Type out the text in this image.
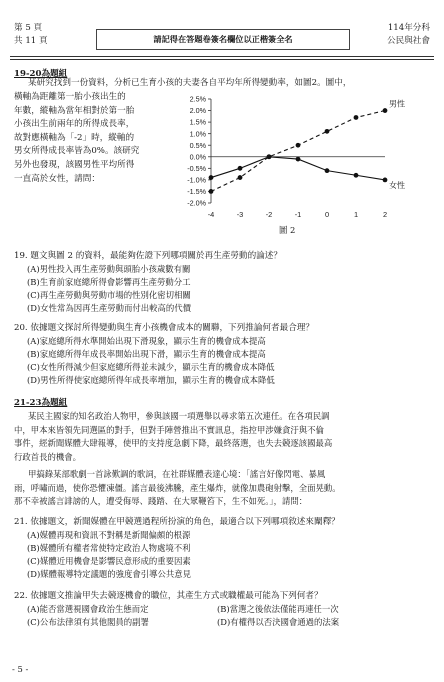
第 5 頁
共 11 頁	請記得在答題卷簽名欄位以正楷簽全名
114年分科
公民與社會
19-20為題組
某研究找到一份資料，分析已生育小孩的夫妻各自平均年所得變動率，如圖2。圖中，
橫軸為距離第一胎小孩出生的
年數，縱軸為當年相對於第一胎
小孩出生前兩年的所得成長率，
故對應橫軸為「-2」時，縱軸的
男女所得成長率皆為0%。該研究
另外也發現，該國男性平均所得
一直高於女性，請問：
2.5%
2.0%
1.5%
1.0%
0.5%
0.0%
-0.5%
-1.0%
-1.5%
-2.0%
-4	-3	-2	-1	0	1	2
男性
女性
圖 2
19. 題文與圖 2 的資料，最能夠佐證下列哪項關於再生產勞動的論述？
(A)男性投入再生產勞動與頭胎小孩歲數有關
(B)生育前家庭總所得會影響再生產勞動分工
(C)再生產勞動與勞動市場的性別化密切相關
(D)女性常為因再生產勞動而付出較高的代價
20. 依據題文探討所得變動與生育小孩機會成本的關聯，下列推論何者最合理？
(A)家庭總所得水準開始出現下滑現象，顯示生育的機會成本提高
(B)家庭總所得年成長率開始出現下滑，顯示生育的機會成本提高
(C)女性所得減少但家庭總所得並未減少，顯示生育的機會成本降低
(D)男性所得使家庭總所得年成長率增加，顯示生育的機會成本降低
21-23為題組
某民主國家的知名政治人物甲，參與該國一項選舉以尋求第五次連任。在各項民調
中，甲本來皆領先同選區的對手，但對手陣營推出不實訊息，指控甲涉嫌貪汙與不倫
事件，經新聞媒體大肆報導，使甲的支持度急劇下降，最終落選，也失去競逐該國最高
行政首長的機會。
甲搞錄某部歌劇一首詠歎調的歌詞，在社群媒體表達心境：「謠言好像閃電、暴風
雨，呼嘯而過，使你恐懼凍僵。謠言最後沸騰，產生爆炸，就像加農砲射擊，全面晃動。
那不幸被謠言誹謗的人，遭受侮辱、踐踏、在大眾鞭笞下，生不如死。」，請問：
21. 依據題文，新聞媒體在甲競選過程所扮演的角色，最適合以下列哪項敘述來闡釋？
(A)媒體再現和資訊不對稱是新聞偏頗的根源
(B)媒體所有權者常使特定政治人物處境不利
(C)媒體近用機會是影響民意形成的重要因素
(D)媒體報導特定議題的強度會引導公共意見
22. 依據題文推論甲失去競逐機會的職位，其產生方式或職權最可能為下列何者？
(A)能否當選視國會政治生態而定	(B)當選之後依法僅能再連任一次
(C)公布法律須有其他閣員的副署	(D)有權得以否決國會通過的法案
- 5 -
